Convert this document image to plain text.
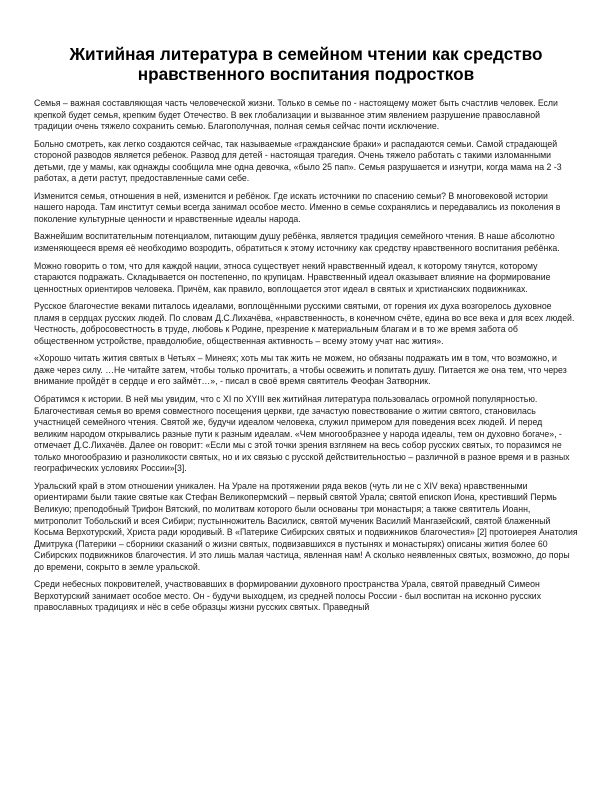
Житийная литература в семейном чтении как средство нравственного воспитания подростков

Семья – важная составляющая часть человеческой жизни. Только в семье по - настоящему может быть счастлив человек. Если крепкой будет семья, крепким будет Отечество. В век глобализации и вызванное этим явлением разрушение православной традиции очень тяжело сохранить семью. Благополучная, полная семья сейчас почти исключение.

Больно смотреть, как легко создаются сейчас, так называемые «гражданские браки» и распадаются семьи. Самой страдающей стороной разводов является ребенок. Развод для детей - настоящая трагедия. Очень тяжело работать с такими изломанными детьми, где у мамы, как однажды сообщила мне одна девочка, «было 25 пап». Семья разрушается и изнутри, когда мама на 2 -3 работах, а дети растут, предоставленные сами себе.

Изменится семья, отношения в ней, изменится и ребёнок. Где искать источники по спасению семьи? В многовековой истории нашего народа. Там институт семьи всегда занимал особое место. Именно в семье сохранялись и передавались из поколения в поколение культурные ценности и нравственные идеалы народа.

Важнейшим воспитательным потенциалом, питающим душу ребёнка, является традиция семейного чтения. В наше абсолютно изменяющееся время её необходимо возродить, обратиться к этому источнику как средству нравственного воспитания ребёнка.

Можно говорить о том, что для каждой нации, этноса существует некий нравственный идеал, к которому тянутся, которому стараются подражать. Складывается он постепенно, по крупицам. Нравственный идеал оказывает влияние на формирование ценностных ориентиров человека. Причём, как правило, воплощается этот идеал в святых и христианских подвижниках.

Русское благочестие веками питалось идеалами, воплощёнными русскими святыми, от горения их духа возгорелось духовное пламя в сердцах русских людей. По словам Д.С.Лихачёва, «нравственность, в конечном счёте, едина во все века и для всех людей. Честность, добросовестность в труде, любовь к Родине, презрение к материальным благам и в то же время забота об общественном устройстве, правдолюбие, общественная активность – всему этому учат нас жития».

«Хорошо читать жития святых в Четьях – Минеях; хоть мы так жить не можем, но обязаны подражать им в том, что возможно, и даже через силу. …Не читайте затем, чтобы только прочитать, а чтобы освежить и попитать душу. Питается же она тем, что через внимание пройдёт в сердце и его займёт…», - писал в своё время святитель Феофан Затворник.

Обратимся к истории. В ней мы увидим, что с XI по XYIII век житийная литература пользовалась огромной популярностью. Благочестивая семья во время совместного посещения церкви, где зачастую повествование о житии святого, становилась участницей семейного чтения. Святой же, будучи идеалом человека, служил примером для поведения всех людей. И перед великим народом открывались разные пути к разным идеалам. «Чем многообразнее у народа идеалы, тем он духовно богаче», - отмечает Д.С.Лихачёв. Далее он говорит: «Если мы с этой точки зрения взглянем на весь собор русских святых, то поразимся не только многообразию и разноликости святых, но и их связью с русской действительностью – различной в разное время и в разных географических условиях России»[3].

Уральский край в этом отношении уникален. На Урале на протяжении ряда веков (чуть ли не с XIV века) нравственными ориентирами были такие святые как Стефан Великопермский – первый святой Урала; святой епископ Иона, крестивший Пермь Великую; преподобный Трифон Вятский, по молитвам которого были основаны три монастыря; а также святитель Иоанн, митрополит Тобольский и всея Сибири; пустынножитель Василиск, святой мученик Василий Мангазейский, святой блаженный Косьма Верхотурский, Христа ради юродивый. В «Патерике Сибирских святых и подвижников благочестия» [2] протоиерея Анатолия Дмитрука (Патерики – сборники сказаний о жизни святых, подвизавшихся в пустынях и монастырях) описаны жития более 60 Сибирских подвижников благочестия. И это лишь малая частица, явленная нам! А сколько неявленных святых, возможно, до поры до времени, сокрыто в земле уральской.

Среди небесных покровителей, участвовавших в формировании духовного пространства Урала, святой праведный Симеон Верхотурский занимает особое место. Он - будучи выходцем, из средней полосы России - был воспитан на исконно русских православных традициях и нёс в себе образцы жизни русских святых. Праведный
